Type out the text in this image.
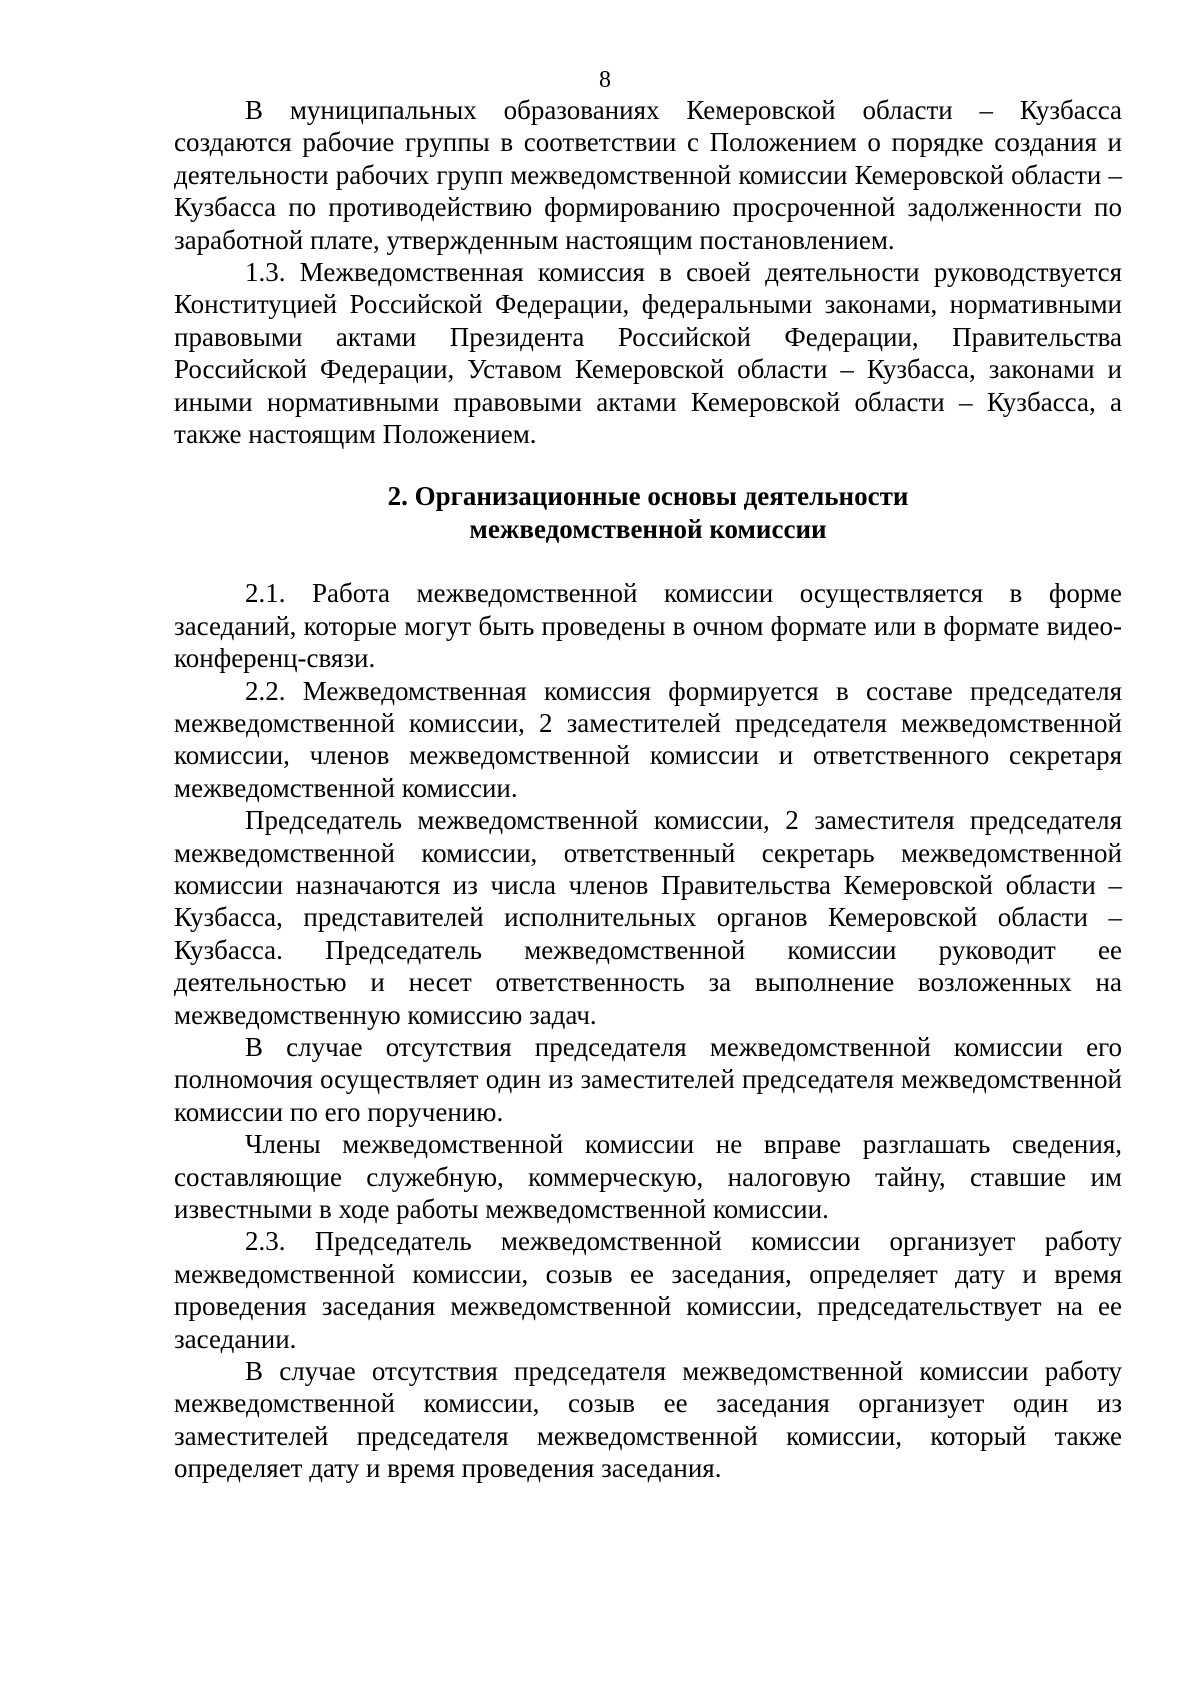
8

В муниципальных образованиях Кемеровской области – Кузбасса создаются рабочие группы в соответствии с Положением о порядке создания и деятельности рабочих групп межведомственной комиссии Кемеровской области – Кузбасса по противодействию формированию просроченной задолженности по заработной плате, утвержденным настоящим постановлением.

1.3. Межведомственная комиссия в своей деятельности руководствуется Конституцией Российской Федерации, федеральными законами, нормативными правовыми актами Президента Российской Федерации, Правительства Российской Федерации, Уставом Кемеровской области – Кузбасса, законами и иными нормативными правовыми актами Кемеровской области – Кузбасса, а также настоящим Положением.

2. Организационные основы деятельности
межведомственной комиссии

2.1. Работа межведомственной комиссии осуществляется в форме заседаний, которые могут быть проведены в очном формате или в формате видео-конференц-связи.

2.2. Межведомственная комиссия формируется в составе председателя межведомственной комиссии, 2 заместителей председателя межведомственной комиссии, членов межведомственной комиссии и ответственного секретаря межведомственной комиссии.

Председатель межведомственной комиссии, 2 заместителя председателя межведомственной комиссии, ответственный секретарь межведомственной комиссии назначаются из числа членов Правительства Кемеровской области – Кузбасса, представителей исполнительных органов Кемеровской области – Кузбасса. Председатель межведомственной комиссии руководит ее деятельностью и несет ответственность за выполнение возложенных на межведомственную комиссию задач.

В случае отсутствия председателя межведомственной комиссии его полномочия осуществляет один из заместителей председателя межведомственной комиссии по его поручению.

Члены межведомственной комиссии не вправе разглашать сведения, составляющие служебную, коммерческую, налоговую тайну, ставшие им известными в ходе работы межведомственной комиссии.

2.3. Председатель межведомственной комиссии организует работу межведомственной комиссии, созыв ее заседания, определяет дату и время проведения заседания межведомственной комиссии, председательствует на ее заседании.

В случае отсутствия председателя межведомственной комиссии работу межведомственной комиссии, созыв ее заседания организует один из заместителей председателя межведомственной комиссии, который также определяет дату и время проведения заседания.
